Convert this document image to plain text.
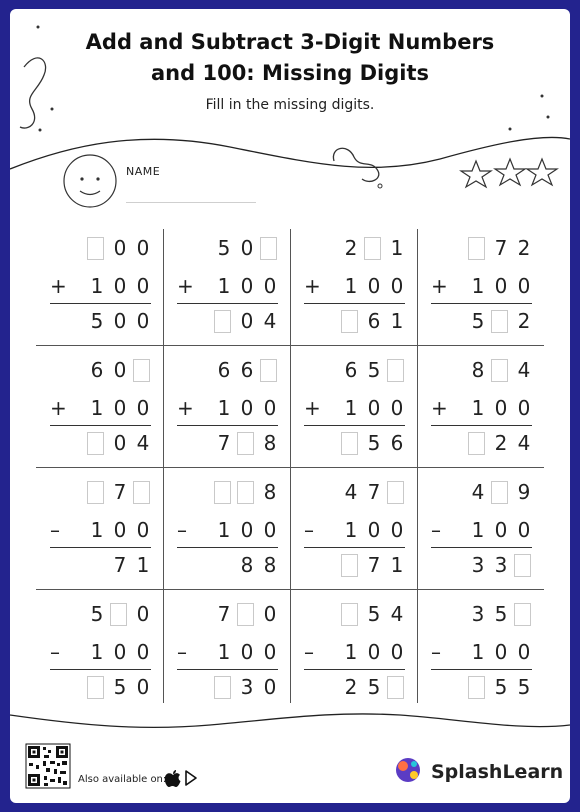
Add and Subtract 3-Digit Numbers
and 100: Missing Digits
Fill in the missing digits.
NAME
0 0
+ 1 0 0
5 0 0
5 0
+ 1 0 0
0 4
2 1
+ 1 0 0
6 1
7 2
+ 1 0 0
5 2
6 0
+ 1 0 0
0 4
6 6
+ 1 0 0
7 8
6 5
+ 1 0 0
5 6
8 4
+ 1 0 0
2 4
7
– 1 0 0
7 1
8
– 1 0 0
8 8
4 7
– 1 0 0
7 1
4 9
– 1 0 0
3 3
5 0
– 1 0 0
5 0
7 0
– 1 0 0
3 0
5 4
– 1 0 0
2 5
3 5
– 1 0 0
5 5
Also available on:	SplashLearn
